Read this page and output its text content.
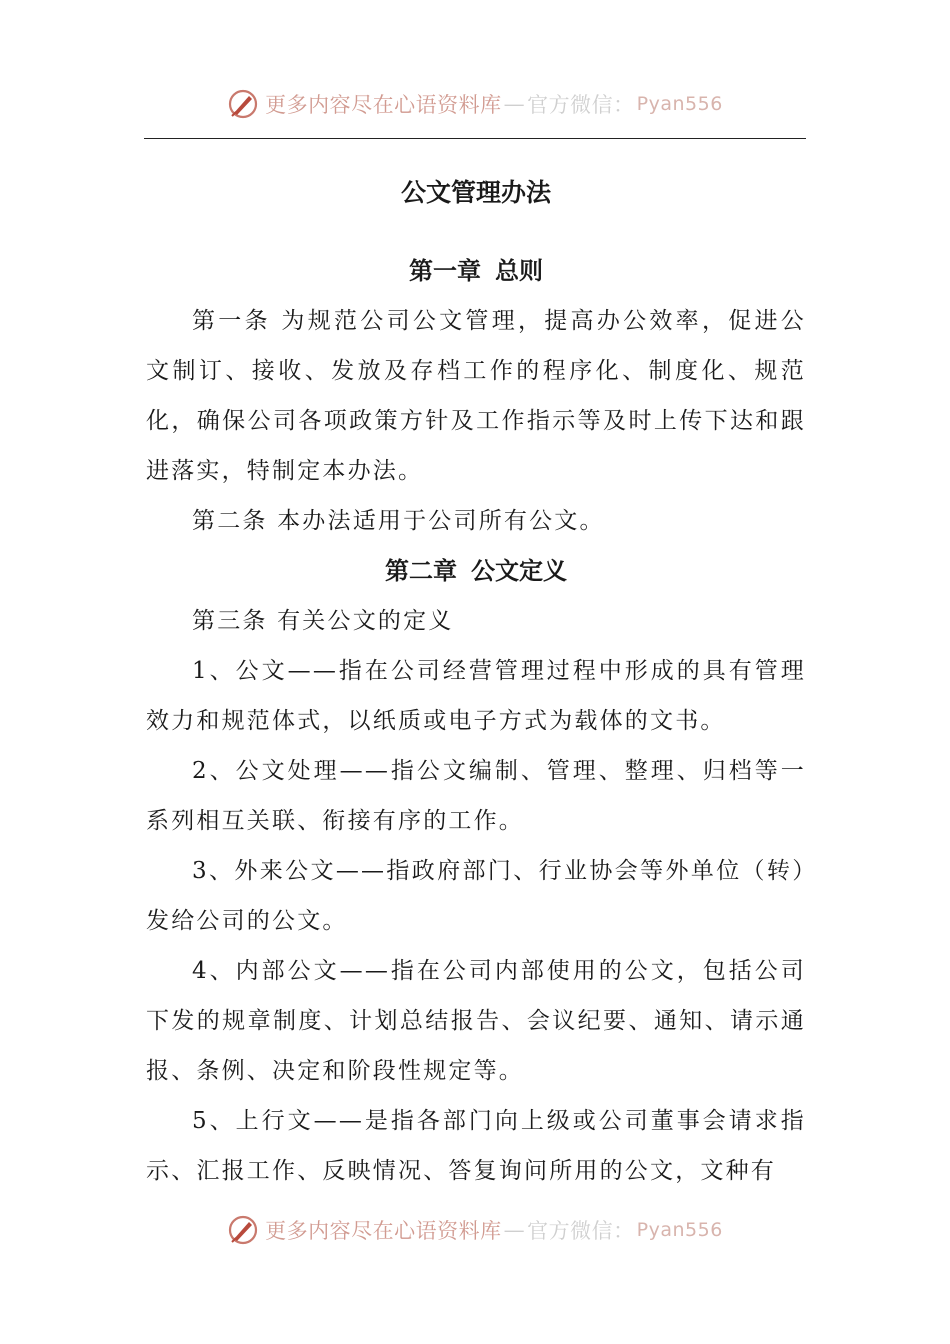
更多内容尽在心语资料库 — 官方微信： Pyan556
公文管理办法
第一章 总则

第一条 为规范公司公文管理，提高办公效率，促进公文制订、接收、发放及存档工作的程序化、制度化、规范化，确保公司各项政策方针及工作指示等及时上传下达和跟进落实，特制定本办法。

第二条 本办法适用于公司所有公文。

第二章 公文定义

第三条 有关公文的定义

1、公文——指在公司经营管理过程中形成的具有管理效力和规范体式，以纸质或电子方式为载体的文书。

2、公文处理——指公文编制、管理、整理、归档等一系列相互关联、衔接有序的工作。

3、外来公文——指政府部门、行业协会等外单位（转）发给公司的公文。

4、内部公文——指在公司内部使用的公文，包括公司下发的规章制度、计划总结报告、会议纪要、通知、请示通报、条例、决定和阶段性规定等。

5、上行文——是指各部门向上级或公司董事会请求指示、汇报工作、反映情况、答复询问所用的公文，文种有

更多内容尽在心语资料库 — 官方微信： Pyan556
